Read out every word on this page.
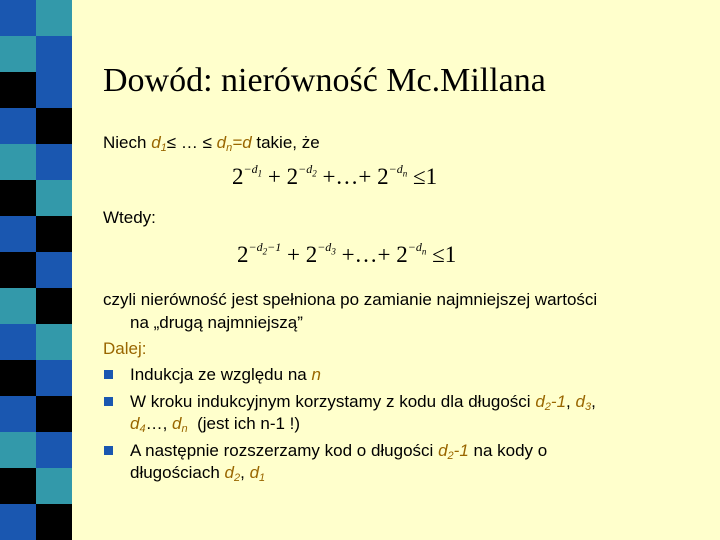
Dowód: nierówność Mc.Millana
Niech $d_1\le$ … ≤ $d_n=d$ takie, że
$2^{-d_1} + 2^{-d_2}$ +…+ $2^{-d_n} \le 1$
Wtedy:
$2^{-d_2-1} + 2^{-d_3}$ +…+ $2^{-d_n} \le 1$
czyli nierówność jest spełniona po zamianie najmniejszej wartości
na „drugą najmniejszą”
Dalej:
Indukcja ze względu na n
W kroku indukcyjnym korzystamy z kodu dla długości $d_2-1$, $d_3$,
$d_4\dots$, $d_n$  (jest ich n-1 !)
A następnie rozszerzamy kod o długości $d_2-1$ na kody o
długościach $d_2$, $d_1$
